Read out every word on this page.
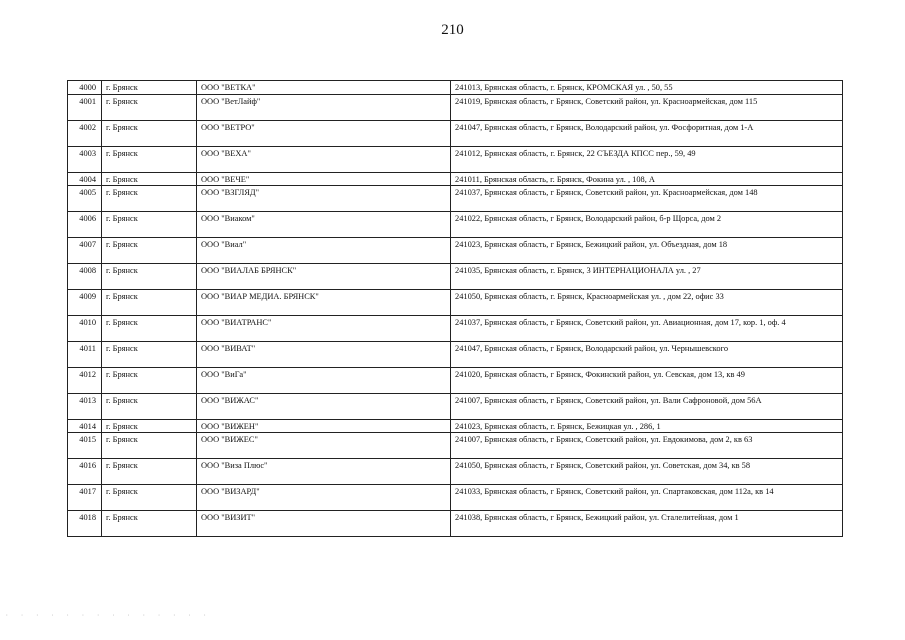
210
4000	г. Брянск	ООО "ВЕТКА"	241013, Брянская область, г. Брянск, КРОМСКАЯ ул. , 50, 55
4001	г. Брянск	ООО "ВетЛайф"	241019, Брянская область, г Брянск, Советский район, ул. Красноармейская, дом 115
4002	г. Брянск	ООО "ВЕТРО"	241047, Брянская область, г Брянск, Володарский район, ул. Фосфоритная, дом 1-А
4003	г. Брянск	ООО "ВЕХА"	241012, Брянская область, г. Брянск, 22 СЪЕЗДА КПСС пер., 59, 49
4004	г. Брянск	ООО "ВЕЧЕ"	241011, Брянская область, г. Брянск, Фокина ул. , 108, А
4005	г. Брянск	ООО "ВЗГЛЯД"	241037, Брянская область, г Брянск, Советский район, ул. Красноармейская, дом 148
4006	г. Брянск	ООО "Виаком"	241022, Брянская область, г Брянск, Володарский район, б-р Щорса, дом 2
4007	г. Брянск	ООО "Виал"	241023, Брянская область, г Брянск, Бежицкий район, ул. Объездная, дом 18
4008	г. Брянск	ООО "ВИАЛАБ БРЯНСК"	241035, Брянская область, г. Брянск, 3 ИНТЕРНАЦИОНАЛА ул. , 27
4009	г. Брянск	ООО "ВИАР МЕДИА. БРЯНСК"	241050, Брянская область, г. Брянск, Красноармейская ул. , дом 22, офис 33
4010	г. Брянск	ООО "ВИАТРАНС"	241037, Брянская область, г Брянск, Советский район, ул. Авиационная, дом 17, кор. 1, оф. 4
4011	г. Брянск	ООО "ВИВАТ"	241047, Брянская область, г Брянск, Володарский район, ул. Чернышевского
4012	г. Брянск	ООО "ВиГа"	241020, Брянская область, г Брянск, Фокинский район, ул. Севская, дом 13, кв 49
4013	г. Брянск	ООО "ВИЖАС"	241007, Брянская область, г Брянск, Советский район, ул. Вали Сафроновой, дом 56А
4014	г. Брянск	ООО "ВИЖЕН"	241023, Брянская область, г. Брянск, Бежицкая ул. , 286, 1
4015	г. Брянск	ООО "ВИЖЕС"	241007, Брянская область, г Брянск, Советский район, ул. Евдокимова, дом 2, кв 63
4016	г. Брянск	ООО "Виза Плюс"	241050, Брянская область, г Брянск, Советский район, ул. Советская, дом 34, кв 58
4017	г. Брянск	ООО "ВИЗАРД"	241033, Брянская область, г Брянск, Советский район, ул. Спартаковская, дом 112а, кв 14
4018	г. Брянск	ООО "ВИЗИТ"	241038, Брянская область, г Брянск, Бежицкий район, ул. Сталелитейная, дом 1
· · · · · · · · · · · · · ·
